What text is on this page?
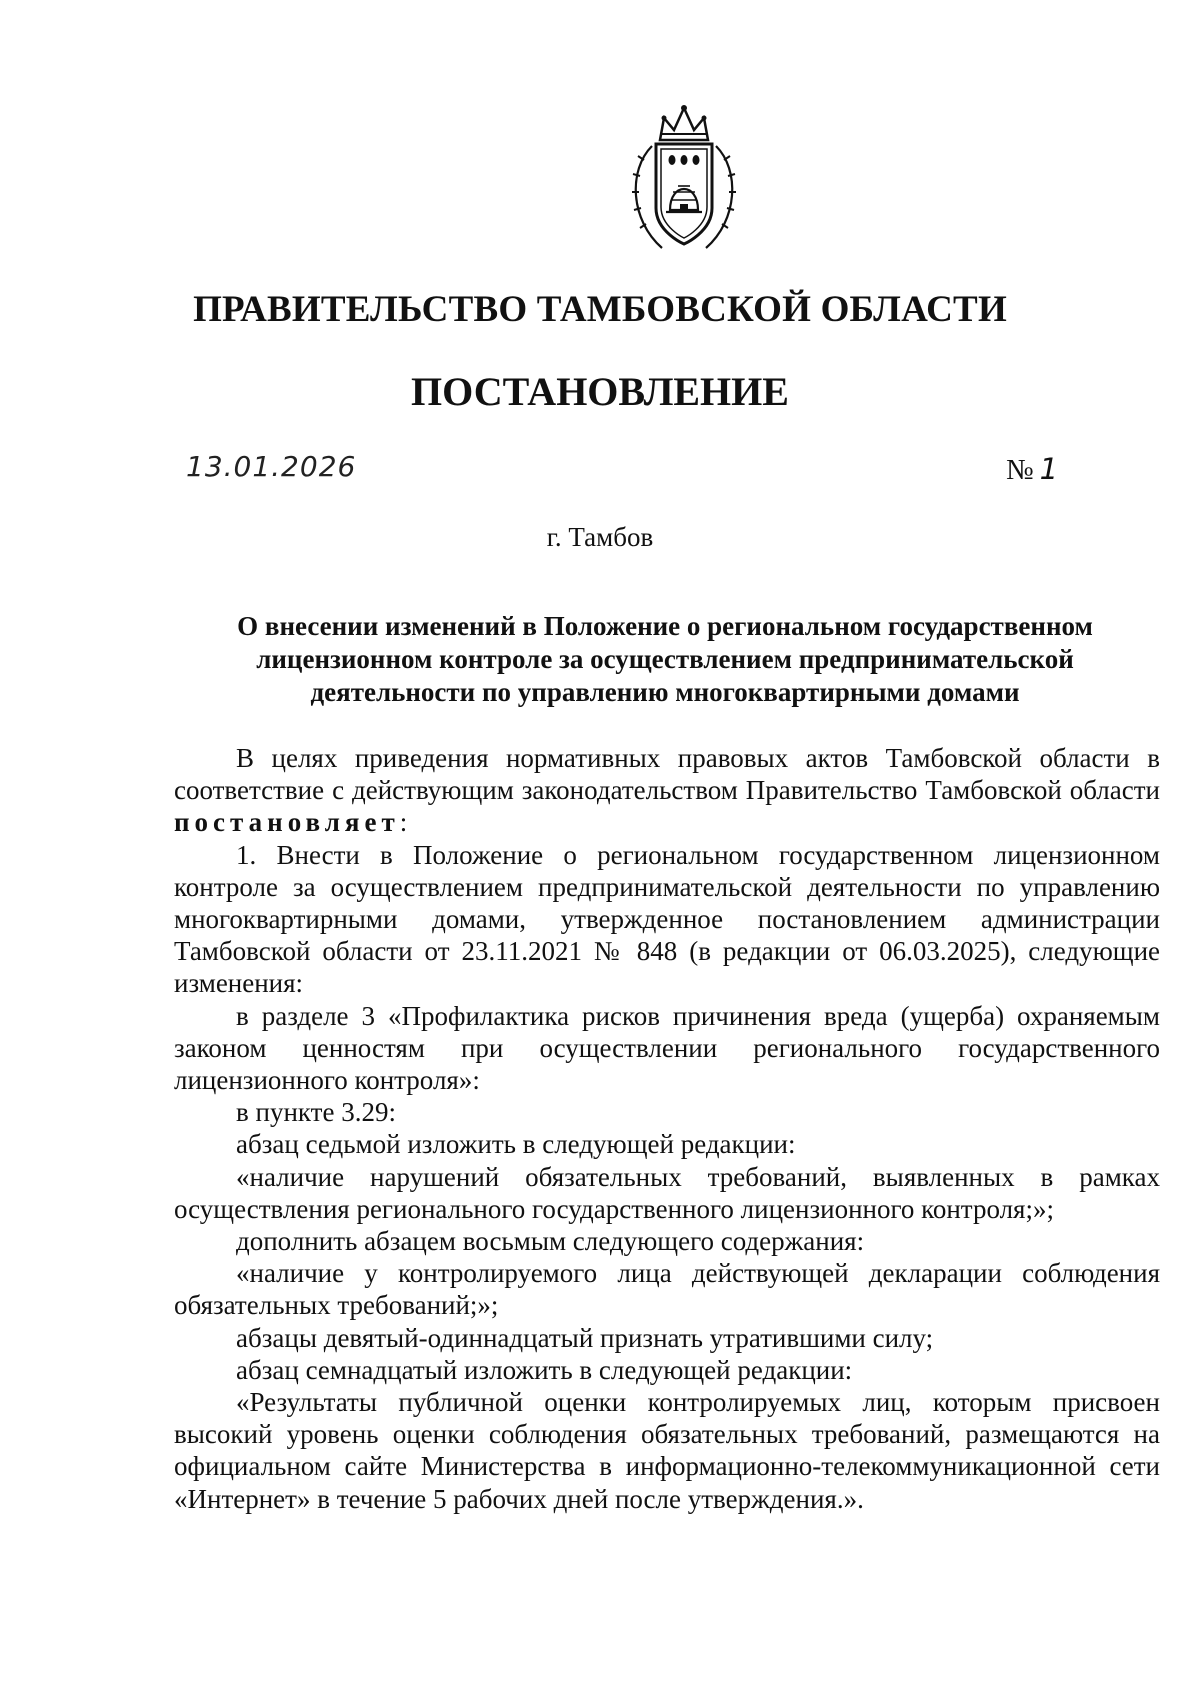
ПРАВИТЕЛЬСТВО ТАМБОВСКОЙ ОБЛАСТИ
ПОСТАНОВЛЕНИЕ
13.01.2026	№ 1
г. Тамбов
О внесении изменений в Положение о региональном государственном лицензионном контроле за осуществлением предпринимательской деятельности по управлению многоквартирными домами

В целях приведения нормативных правовых актов Тамбовской области в соответствие с действующим законодательством Правительство Тамбовской области постановляет:

1. Внести в Положение о региональном государственном лицензионном контроле за осуществлением предпринимательской деятельности по управлению многоквартирными домами, утвержденное постановлением администрации Тамбовской области от 23.11.2021 № 848 (в редакции от 06.03.2025), следующие изменения:

в разделе 3 «Профилактика рисков причинения вреда (ущерба) охраняемым законом ценностям при осуществлении регионального государственного лицензионного контроля»:

в пункте 3.29:

абзац седьмой изложить в следующей редакции:

«наличие нарушений обязательных требований, выявленных в рамках осуществления регионального государственного лицензионного контроля;»;

дополнить абзацем восьмым следующего содержания:

«наличие у контролируемого лица действующей декларации соблюдения обязательных требований;»;

абзацы девятый-одиннадцатый признать утратившими силу;

абзац семнадцатый изложить в следующей редакции:

«Результаты публичной оценки контролируемых лиц, которым присвоен высокий уровень оценки соблюдения обязательных требований, размещаются на официальном сайте Министерства в информационно-телекоммуникационной сети «Интернет» в течение 5 рабочих дней после утверждения.».
